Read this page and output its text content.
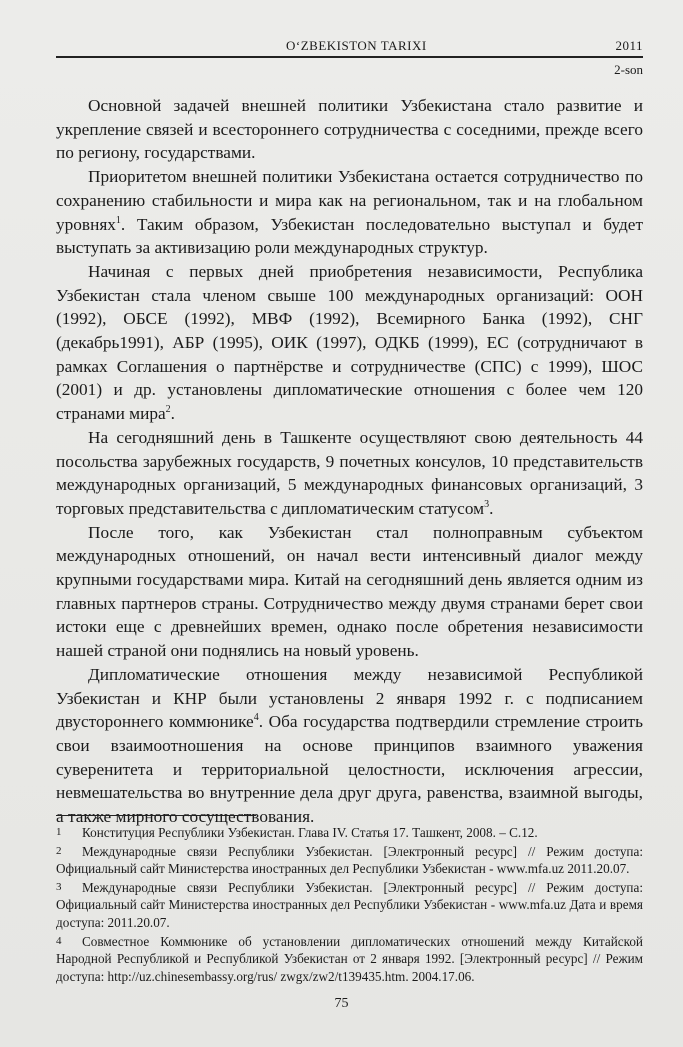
O‘ZBEKISTON TARIXI	2011
2-son

Основной задачей внешней политики Узбекистана стало развитие и укрепление связей и всестороннего сотрудничества с соседними, прежде всего по региону, государствами.

Приоритетом внешней политики Узбекистана остается сотрудничество по сохранению стабильности и мира как на региональном, так и на глобальном уровнях$^1$. Таким образом, Узбекистан последовательно выступал и будет выступать за активизацию роли международных структур.

Начиная с первых дней приобретения независимости, Республика Узбекистан стала членом свыше 100 международных организаций: ООН (1992), ОБСЕ (1992), МВФ (1992), Всемирного Банка (1992), СНГ (декабрь1991), АБР (1995), ОИК (1997), ОДКБ (1999), ЕС (сотрудничают в рамках Соглашения о партнёрстве и сотрудничестве (СПС) с 1999), ШОС (2001) и др. установлены дипломатические отношения с более чем 120 странами мира$^2$.

На сегодняшний день в Ташкенте осуществляют свою деятельность 44 посольства зарубежных государств, 9 почетных консулов, 10 представительств международных организаций, 5 международных финансовых организаций, 3 торговых представительства с дипломатическим статусом$^3$.

После того, как Узбекистан стал полноправным субъектом международных отношений, он начал вести интенсивный диалог между крупными государствами мира. Китай на сегодняшний день является одним из главных партнеров страны. Сотрудничество между двумя странами берет свои истоки еще с древнейших времен, однако после обретения независимости нашей страной они поднялись на новый уровень.

Дипломатические отношения между независимой Республикой Узбекистан и КНР были установлены 2 января 1992 г. с подписанием двустороннего коммюнике$^4$. Оба государства подтвердили стремление строить свои взаимоотношения на основе принципов взаимного уважения суверенитета и территориальной целостности, исключения агрессии, невмешательства во внутренние дела друг друга, равенства, взаимной выгоды, а также мирного сосуществования.

1 Конституция Республики Узбекистан. Глава IV. Статья 17. Ташкент, 2008. – С.12.

2 Международные связи Республики Узбекистан. [Электронный ресурс] // Режим доступа: Официальный сайт Министерства иностранных дел Республики Узбекистан - www.mfa.uz 2011.20.07.

3 Международные связи Республики Узбекистан. [Электронный ресурс] // Режим доступа: Официальный сайт Министерства иностранных дел Республики Узбекистан - www.mfa.uz Дата и время доступа: 2011.20.07.

4 Совместное Коммюнике об установлении дипломатических отношений между Китайской Народной Республикой и Республикой Узбекистан от 2 января 1992. [Электронный ресурс] // Режим доступа: http://uz.chinesembassy.org/rus/ zwgx/zw2/t139435.htm. 2004.17.06.

75
